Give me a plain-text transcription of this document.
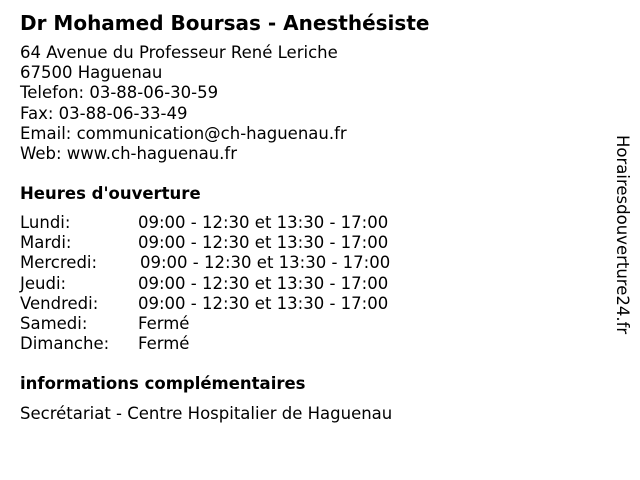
Dr Mohamed Boursas - Anesthésiste
64 Avenue du Professeur René Leriche
67500 Haguenau
Telefon: 03-88-06-30-59
Fax: 03-88-06-33-49
Email: communication@ch-haguenau.fr
Web: www.ch-haguenau.fr
Heures d'ouverture
Lundi:	09:00 - 12:30 et 13:30 - 17:00
Mardi:	09:00 - 12:30 et 13:30 - 17:00
Mercredi:	09:00 - 12:30 et 13:30 - 17:00
Jeudi:	09:00 - 12:30 et 13:30 - 17:00
Vendredi: 09:00 - 12:30 et 13:30 - 17:00
Samedi:	Fermé
Dimanche: Fermé
informations complémentaires
Secrétariat - Centre Hospitalier de Haguenau
Horairesdouverture24.fr
